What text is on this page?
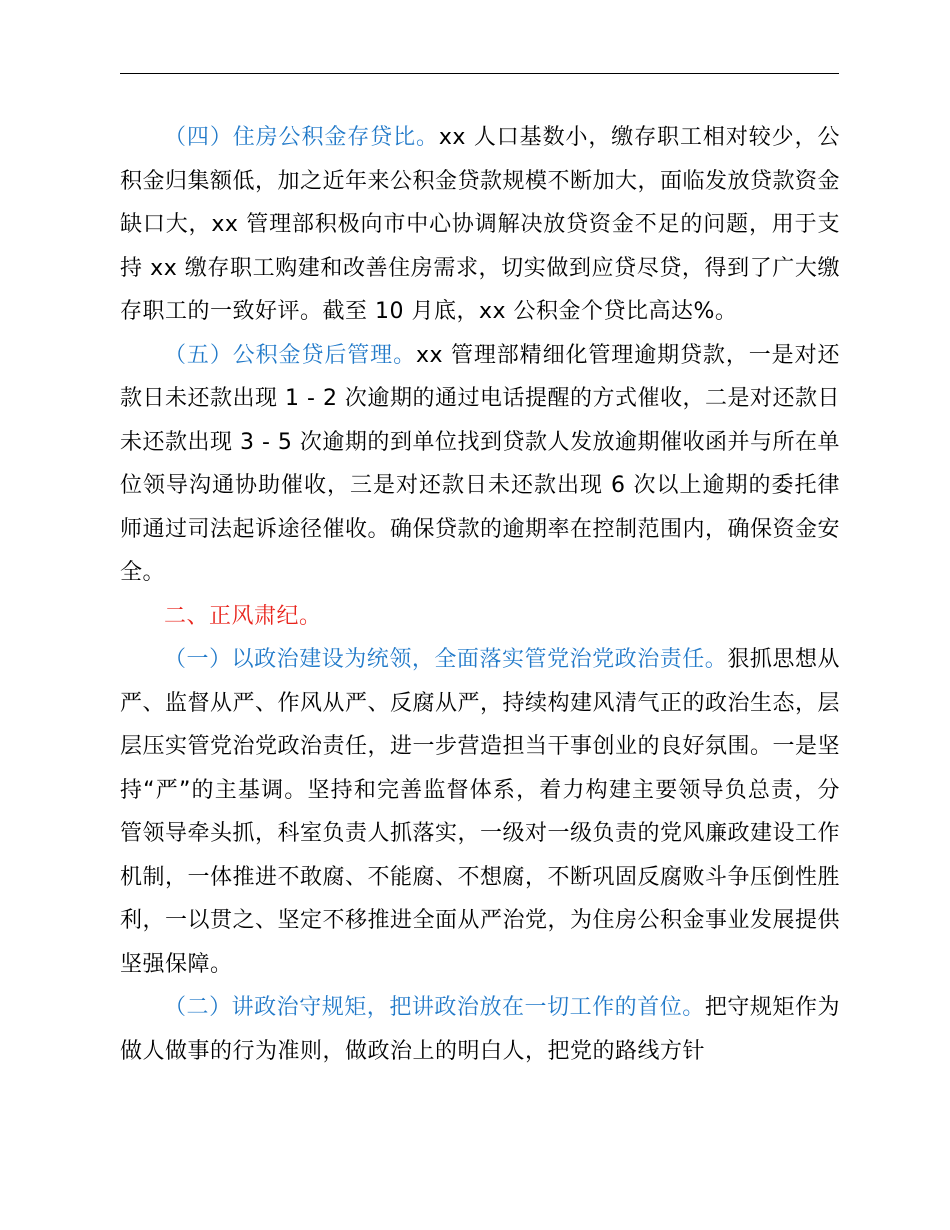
（四）住房公积金存贷比。xx 人口基数小，缴存职工相对较少，公积金归集额低，加之近年来公积金贷款规模不断加大，面临发放贷款资金缺口大，xx 管理部积极向市中心协调解决放贷资金不足的问题，用于支持 xx 缴存职工购建和改善住房需求，切实做到应贷尽贷，得到了广大缴存职工的一致好评。截至 10 月底，xx 公积金个贷比高达%。

（五）公积金贷后管理。xx 管理部精细化管理逾期贷款，一是对还款日未还款出现 1 - 2 次逾期的通过电话提醒的方式催收，二是对还款日未还款出现 3 - 5 次逾期的到单位找到贷款人发放逾期催收函并与所在单位领导沟通协助催收，三是对还款日未还款出现 6 次以上逾期的委托律师通过司法起诉途径催收。确保贷款的逾期率在控制范围内，确保资金安全。

二、正风肃纪。

（一）以政治建设为统领，全面落实管党治党政治责任。狠抓思想从严、监督从严、作风从严、反腐从严，持续构建风清气正的政治生态，层层压实管党治党政治责任，进一步营造担当干事创业的良好氛围。一是坚持“严”的主基调。坚持和完善监督体系，着力构建主要领导负总责，分管领导牵头抓，科室负责人抓落实，一级对一级负责的党风廉政建设工作机制，一体推进不敢腐、不能腐、不想腐，不断巩固反腐败斗争压倒性胜利，一以贯之、坚定不移推进全面从严治党，为住房公积金事业发展提供坚强保障。

（二）讲政治守规矩，把讲政治放在一切工作的首位。把守规矩作为做人做事的行为准则，做政治上的明白人，把党的路线方针
